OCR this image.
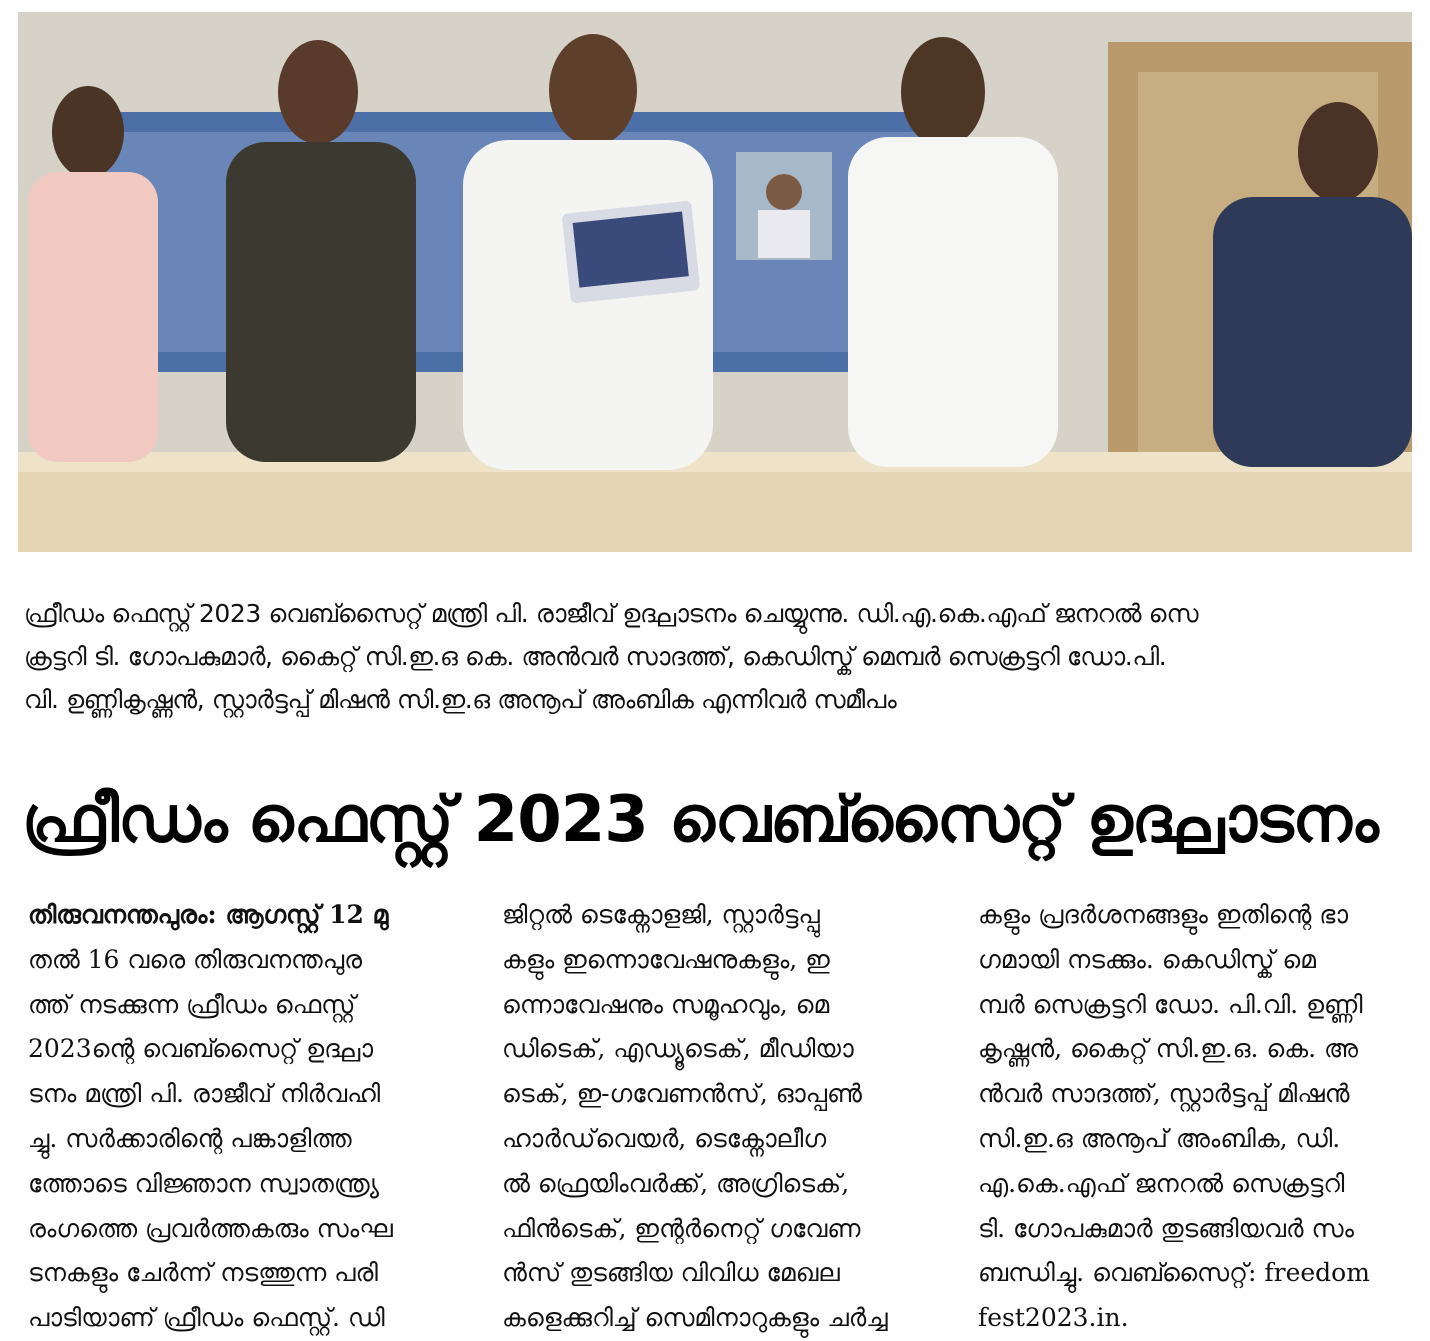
ഫ്രീഡം ഫെസ്റ്റ് 2023 വെബ്സൈറ്റ് മന്ത്രി പി. രാജീവ് ഉദ്ഘാടനം ചെയ്യുന്നു. ഡി.എ.കെ.എഫ് ജനറൽ സെ
ക്രട്ടറി ടി. ഗോപകുമാർ, കൈറ്റ് സി.ഇ.ഒ കെ. അൻവർ സാദത്ത്, കെഡിസ്ക് മെമ്പർ സെക്രട്ടറി ഡോ.പി.
വി. ഉണ്ണികൃഷ്ണൻ, സ്റ്റാർട്ടപ്പ് മിഷൻ സി.ഇ.ഒ അനൂപ് അംബിക എന്നിവർ സമീപം
ഫ്രീഡം ഫെസ്റ്റ് 2023 വെബ്സൈറ്റ് ഉദ്ഘാടനം
തിരുവനന്തപുരം: ആഗസ്റ്റ് 12 മു
തൽ 16 വരെ തിരുവനന്തപുര
ത്ത് നടക്കുന്ന ഫ്രീഡം ഫെസ്റ്റ്
2023ന്റെ വെബ്സൈറ്റ് ഉദ്ഘാ
ടനം മന്ത്രി പി. രാജീവ് നിർവഹി
ച്ചു. സർക്കാരിന്റെ പങ്കാളിത്ത
ത്തോടെ വിജ്ഞാന സ്വാതന്ത്ര്യ
രംഗത്തെ പ്രവർത്തകരും സംഘ
ടനകളും ചേർന്ന് നടത്തുന്ന പരി
പാടിയാണ് ഫ്രീഡം ഫെസ്റ്റ്. ഡി
ജിറ്റൽ ടെക്നോളജി, സ്റ്റാർട്ടപ്പു
കളും ഇന്നൊവേഷനുകളും, ഇ
ന്നൊവേഷനും സമൂഹവും, മെ
ഡിടെക്, എഡ്യൂടെക്, മീഡിയാ
ടെക്, ഇ-ഗവേണൻസ്, ഓപ്പൺ
ഹാർഡ്‌വെയർ, ടെക്നോലീഗ
ൽ ഫ്രെയിംവർക്ക്, അഗ്രിടെക്,
ഫിൻടെക്, ഇന്റർനെറ്റ് ഗവേണ
ൻസ് തുടങ്ങിയ വിവിധ മേഖല
കളെക്കുറിച്ച് സെമിനാറുകളും ചർച്ച
കളും പ്രദർശനങ്ങളും ഇതിന്റെ ഭാ
ഗമായി നടക്കും. കെഡിസ്ക് മെ
മ്പർ സെക്രട്ടറി ഡോ. പി.വി. ഉണ്ണി
കൃഷ്ണൻ, കൈറ്റ് സി.ഇ.ഒ. കെ. അ
ൻവർ സാദത്ത്, സ്റ്റാർട്ടപ്പ് മിഷൻ
സി.ഇ.ഒ അനൂപ് അംബിക, ഡി.
എ.കെ.എഫ് ജനറൽ സെക്രട്ടറി
ടി. ഗോപകുമാർ തുടങ്ങിയവർ സം
ബന്ധിച്ചു. വെബ്സൈറ്റ്: freedom
fest2023.in.
